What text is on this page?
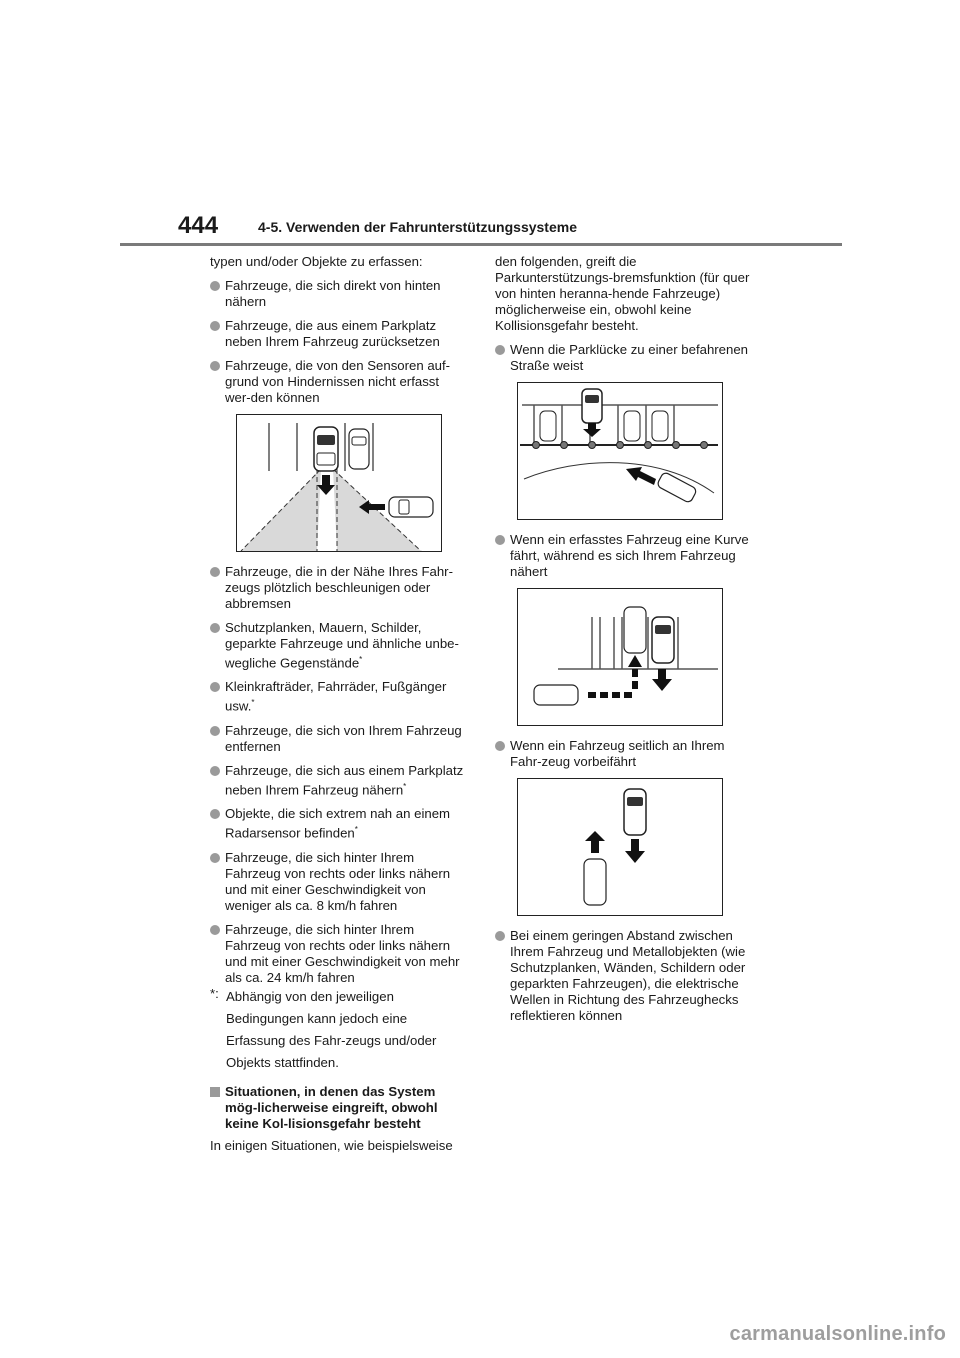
444	4-5. Verwenden der Fahrunterstützungssysteme

typen und/oder Objekte zu erfassen:

Fahrzeuge, die sich direkt von hinten nähern
Fahrzeuge, die aus einem Parkplatz neben Ihrem Fahrzeug zurücksetzen
Fahrzeuge, die von den Sensoren auf-grund von Hindernissen nicht erfasst wer-den können
Fahrzeuge, die in der Nähe Ihres Fahr-zeugs plötzlich beschleunigen oder abbremsen
Schutzplanken, Mauern, Schilder, geparkte Fahrzeuge und ähnliche unbe-wegliche Gegenstände*
Kleinkrafträder, Fahrräder, Fußgänger usw.*
Fahrzeuge, die sich von Ihrem Fahrzeug entfernen
Fahrzeuge, die sich aus einem Parkplatz neben Ihrem Fahrzeug nähern*
Objekte, die sich extrem nah an einem Radarsensor befinden*
Fahrzeuge, die sich hinter Ihrem Fahrzeug von rechts oder links nähern und mit einer Geschwindigkeit von weniger als ca. 8 km/h fahren
Fahrzeuge, die sich hinter Ihrem Fahrzeug von rechts oder links nähern und mit einer Geschwindigkeit von mehr als ca. 24 km/h fahren
*: Abhängig von den jeweiligen Bedingungen kann jedoch eine Erfassung des Fahr-zeugs und/oder Objekts stattfinden.
Situationen, in denen das System mög-licherweise eingreift, obwohl keine Kol-lisionsgefahr besteht

In einigen Situationen, wie beispielsweise

den folgenden, greift die Parkunterstützungs-bremsfunktion (für quer von hinten heranna-hende Fahrzeuge) möglicherweise ein, obwohl keine Kollisionsgefahr besteht.

Wenn die Parklücke zu einer befahrenen Straße weist
Wenn ein erfasstes Fahrzeug eine Kurve fährt, während es sich Ihrem Fahrzeug nähert
Wenn ein Fahrzeug seitlich an Ihrem Fahr-zeug vorbeifährt
Bei einem geringen Abstand zwischen Ihrem Fahrzeug und Metallobjekten (wie Schutzplanken, Wänden, Schildern oder geparkten Fahrzeugen), die elektrische Wellen in Richtung des Fahrzeughecks reflektieren können
carmanualsonline.info
